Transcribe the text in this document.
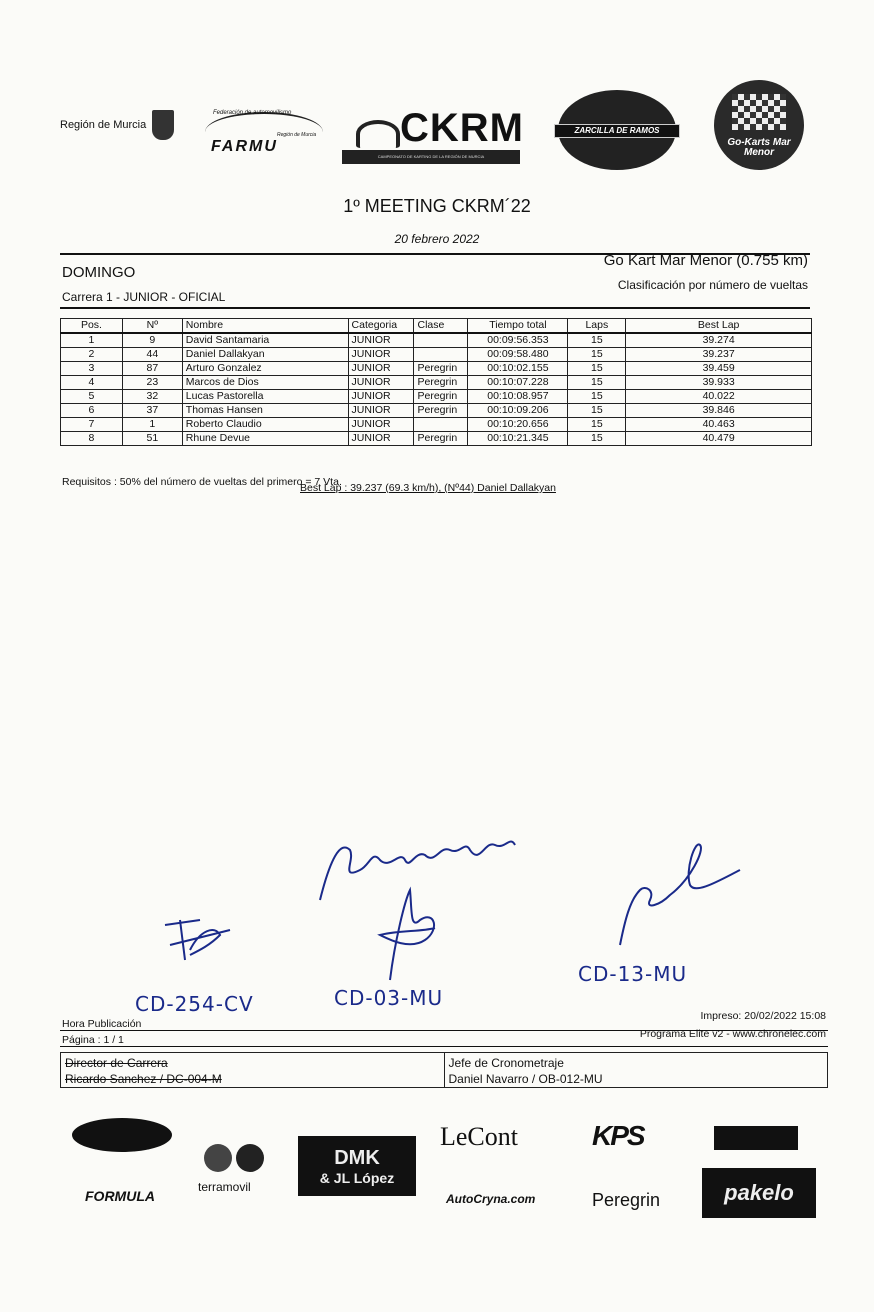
Región de Murcia
Federación de automovilismo
Región de Murcia
FARMU	CKRM
CAMPEONATO DE KARTING DE LA REGIÓN DE MURCIA
ZARCILLA DE RAMOS
Go-Karts Mar Menor
1º MEETING CKRM´22
20 febrero 2022
DOMINGO
Carrera 1 - JUNIOR - OFICIAL
Go Kart Mar Menor (0.755 km)
Clasificación por número de vueltas
Pos.	Nº	Nombre	Categoria	Clase	Tiempo total	Laps	Best Lap
1	9	David Santamaria	JUNIOR		00:09:56.353	15	39.274
2	44	Daniel Dallakyan	JUNIOR		00:09:58.480	15	39.237
3	87	Arturo Gonzalez	JUNIOR	Peregrin	00:10:02.155	15	39.459
4	23	Marcos de Dios	JUNIOR	Peregrin	00:10:07.228	15	39.933
5	32	Lucas Pastorella	JUNIOR	Peregrin	00:10:08.957	15	40.022
6	37	Thomas Hansen	JUNIOR	Peregrin	00:10:09.206	15	39.846
7	1	Roberto Claudio	JUNIOR		00:10:20.656	15	40.463
8	51	Rhune Devue	JUNIOR	Peregrin	00:10:21.345	15	40.479
Requisitos : 50% del número de vueltas del primero = 7 Vta.
Best Lap : 39.237 (69.3 km/h), (Nº44) Daniel Dallakyan
CD-254-CV	CD-03-MU
CD-13-MU
Impreso: 20/02/2022 15:08
Hora Publicación
Programa Elite v2 - www.chronelec.com
Página : 1 / 1
Director de Carrera
Ricardo Sanchez / DC-004-M
Jefe de Cronometraje
Daniel Navarro / OB-012-MU
FORMULA
terramovil
DMK
& JL López
LeCont
AutoCryna.com
KPS
Peregrin	pakelo
